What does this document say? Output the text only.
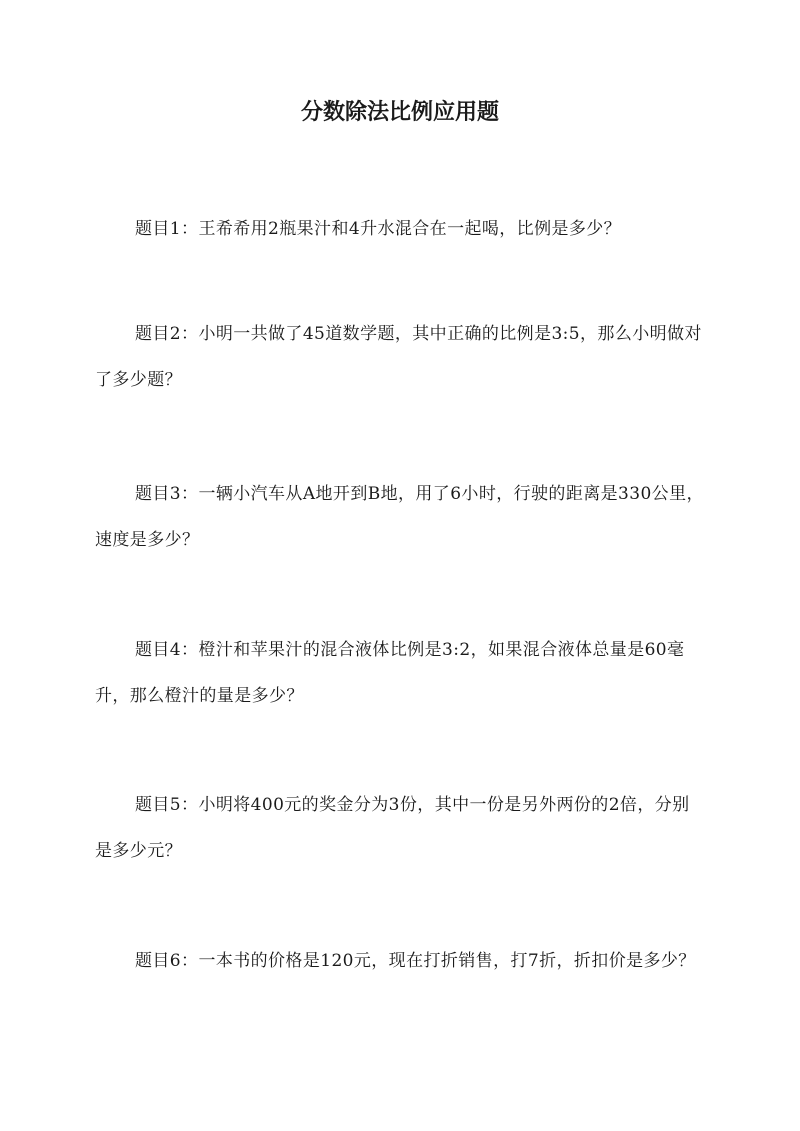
分数除法比例应用题

题目1：王希希用2瓶果汁和4升水混合在一起喝，比例是多少？

题目2：小明一共做了45道数学题，其中正确的比例是3:5，那么小明做对了多少题？

题目3：一辆小汽车从A地开到B地，用了6小时，行驶的距离是330公里，速度是多少？

题目4：橙汁和苹果汁的混合液体比例是3:2，如果混合液体总量是60毫升，那么橙汁的量是多少？

题目5：小明将400元的奖金分为3份，其中一份是另外两份的2倍，分别是多少元？

题目6：一本书的价格是120元，现在打折销售，打7折，折扣价是多少？
